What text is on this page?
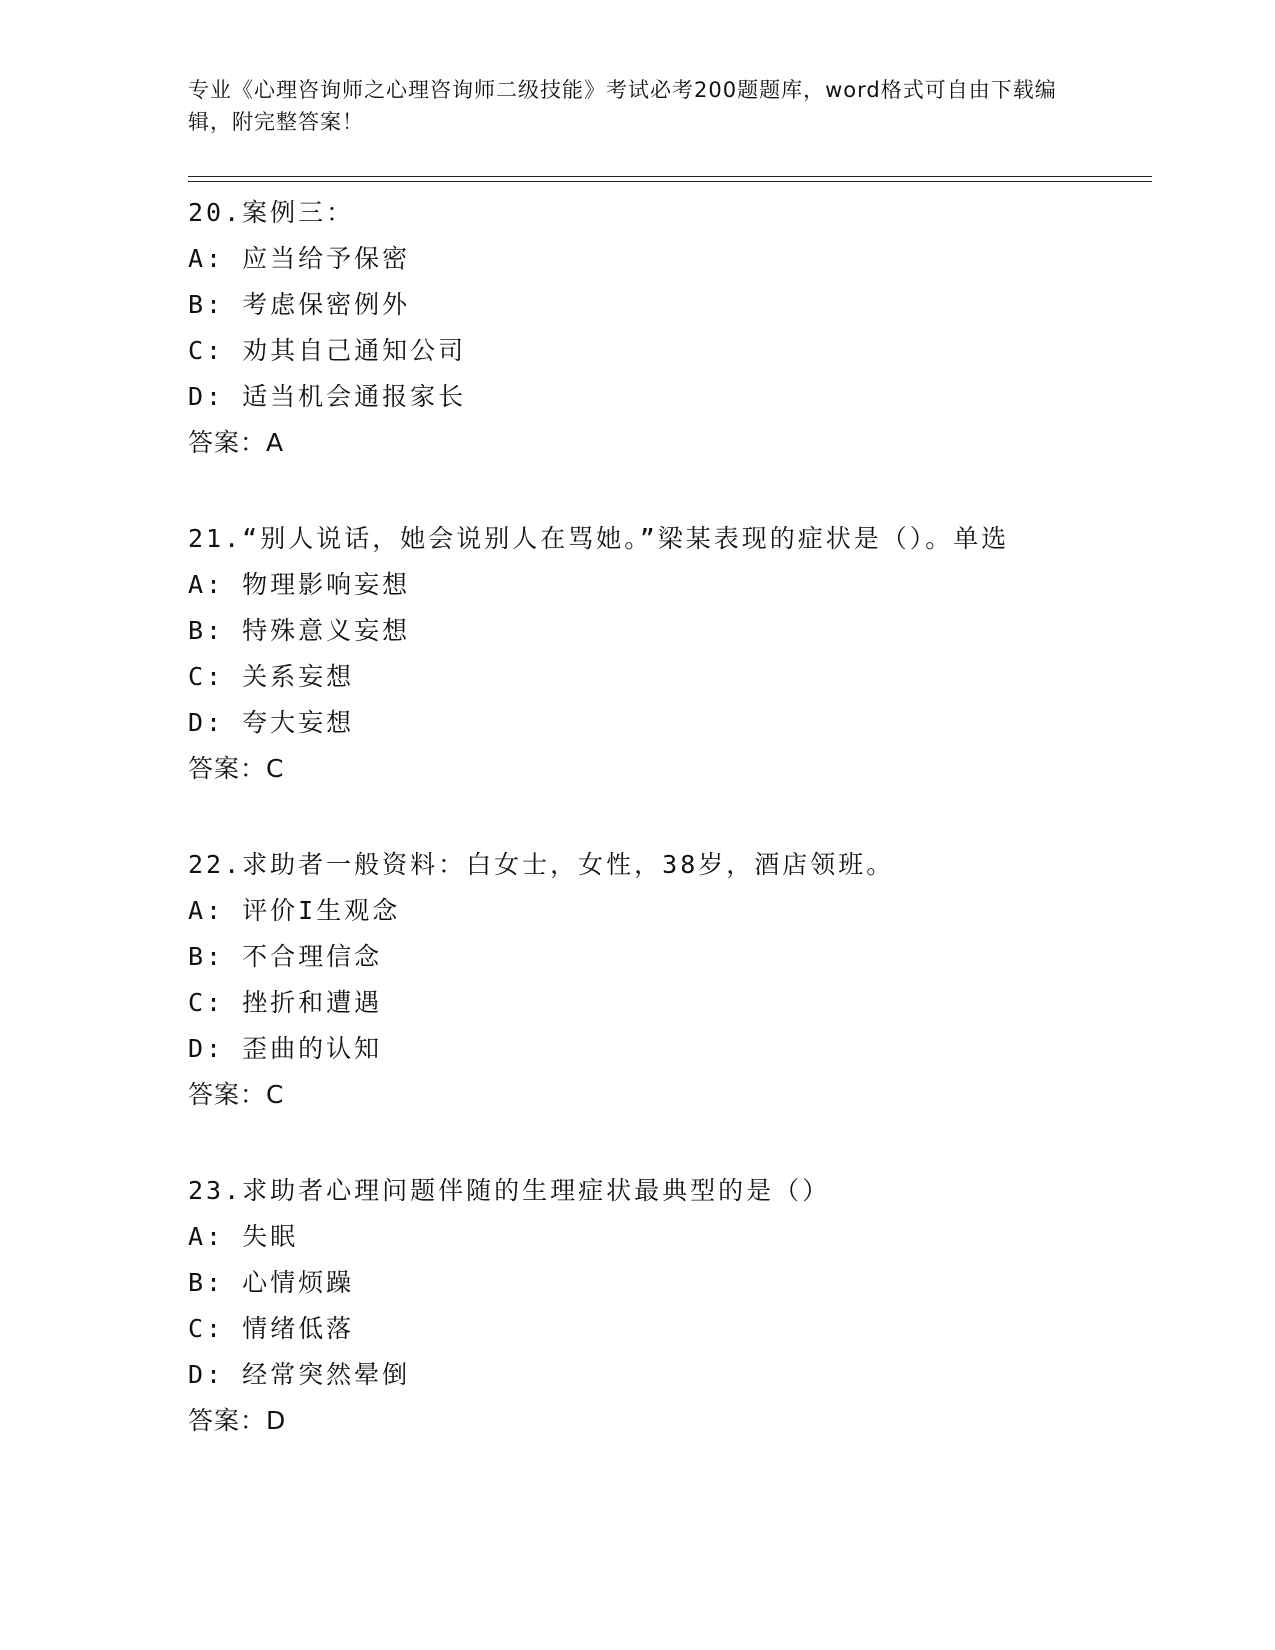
专业《心理咨询师之心理咨询师二级技能》考试必考200题题库，word格式可自由下载编辑，附完整答案！
20.案例三：
A: 应当给予保密
B: 考虑保密例外
C: 劝其自己通知公司
D: 适当机会通报家长
答案：A
21.“别人说话，她会说别人在骂她。”梁某表现的症状是（）。单选
A: 物理影响妄想
B: 特殊意义妄想
C: 关系妄想
D: 夸大妄想
答案：C
22.求助者一般资料：白女士，女性，38岁，酒店领班。
A: 评价I生观念
B: 不合理信念
C: 挫折和遭遇
D: 歪曲的认知
答案：C
23.求助者心理问题伴随的生理症状最典型的是（）
A: 失眠
B: 心情烦躁
C: 情绪低落
D: 经常突然晕倒
答案：D
